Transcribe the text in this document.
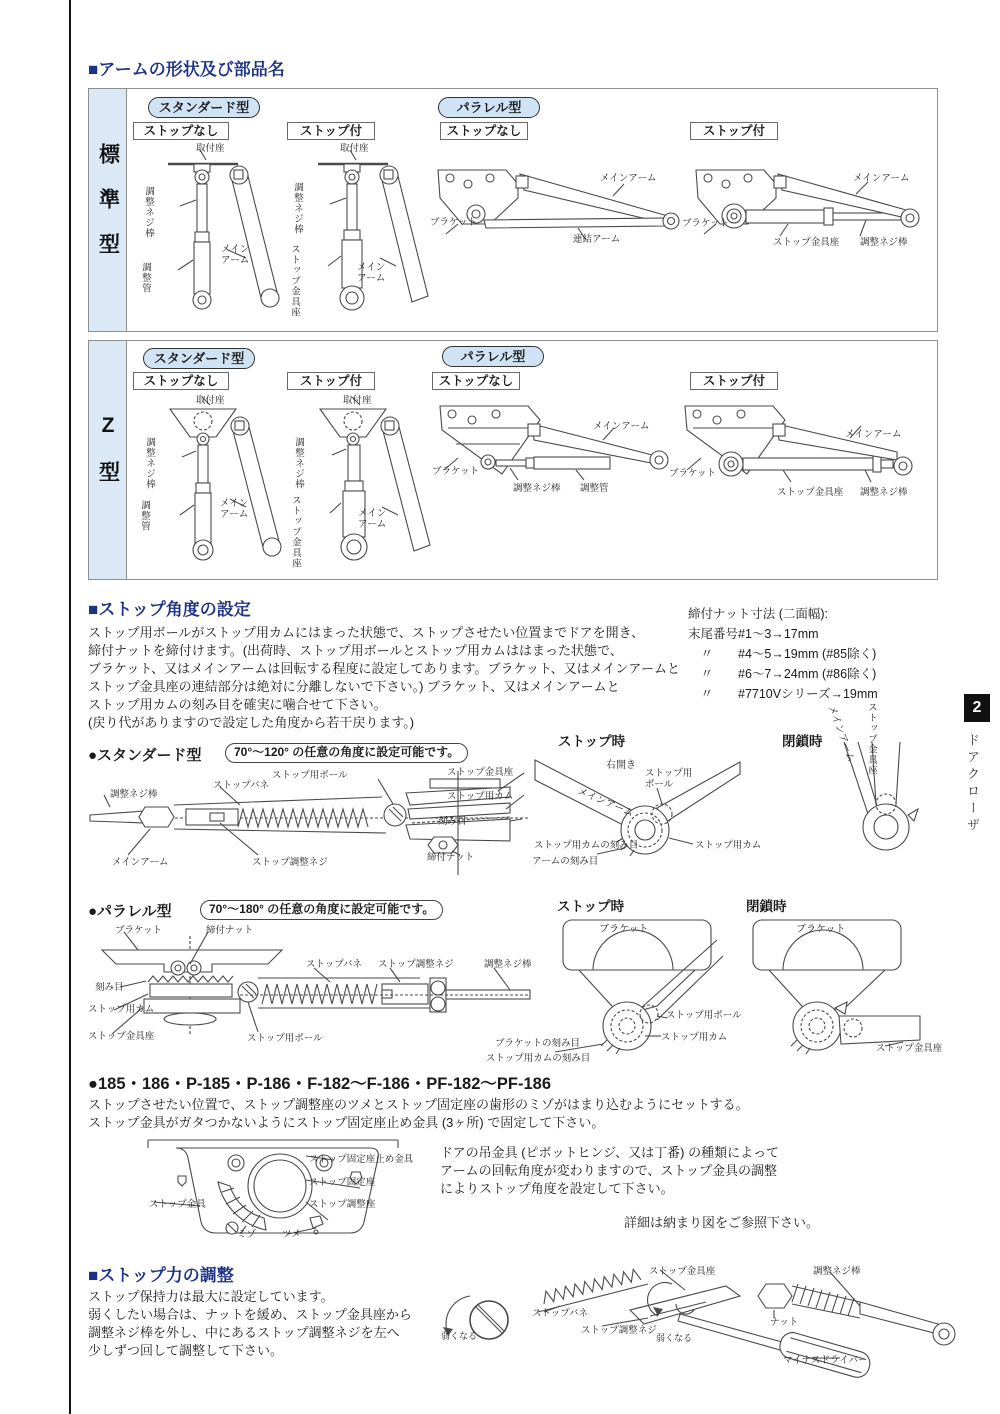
■アームの形状及び部品名
標準型
スタンダード型	パラレル型
ストップなし	ストップ付	ストップなし	ストップ付
取付座
調整ネジ棒
調整管
メインアーム
取付座
調整ネジ棒
ストップ金具座	メインアーム
メインアーム
ブラケット
連結アーム
メインアーム
ブラケット
ストップ金具座 調整ネジ棒
Z型
スタンダード型	パラレル型
ストップなし	ストップ付	ストップなし	ストップ付
取付座
調整ネジ棒
調整管	メインアーム
取付座
調整ネジ棒
ストップ金具座	メインアーム
ブラケット
メインアーム
調整ネジ棒 調整管
ブラケット
メインアーム
ストップ金具座 調整ネジ棒
■ストップ角度の設定
ストップ用ボールがストップ用カムにはまった状態で、ストップさせたい位置までドアを開き、
締付ナットを締付けます。(出荷時、ストップ用ボールとストップ用カムははまった状態で、
ブラケット、又はメインアームは回転する程度に設定してあります。ブラケット、又はメインアームと
ストップ金具座の連結部分は絶対に分離しないで下さい。) ブラケット、又はメインアームと
ストップ用カムの刻み目を確実に噛合せて下さい。
(戻り代がありますので設定した角度から若干戻ります。)
締付ナット寸法 (二面幅):
末尾番号#1〜3→17mm
　〃　　#4〜5→19mm (#85除く)
　〃　　#6〜7→24mm (#86除く)
　〃　　#7710Vシリーズ→19mm
●スタンダード型	70°〜120° の任意の角度に設定可能です。
調整ネジ棒
ストップバネ
ストップ用ボール	ストップ金具座
ストップ用カム
刻み目
締付ナット
メインアーム	ストップ調整ネジ
ストップ時
右開き
メインアーム
ストップ用ボール
ストップ用カム
ストップ用カムの刻み目
アームの刻み目
閉鎖時 メインアーム ストップ金具座
●パラレル型	70°〜180° の任意の角度に設定可能です。
ブラケット	締付ナット
ストップバネ ストップ調整ネジ	調整ネジ棒
刻み目
ストップ用カム
ストップ金具座	ストップ用ボール
ストップ時
ブラケット
ストップ用ボール
ストップ用カム
ブラケットの刻み目
ストップ用カムの刻み目
閉鎖時
ブラケット
ストップ金具座
●185・186・P-185・P-186・F-182〜F-186・PF-182〜PF-186
ストップさせたい位置で、ストップ調整座のツメとストップ固定座の歯形のミゾがはまり込むようにセットする。
ストップ金具がガタつかないようにストップ固定座止め金具 (3ヶ所) で固定して下さい。
ストップ固定座止め金具
ストップ固定座
ストップ調整座
ストップ金具
ミゾ	ツメ
ドアの吊金具 (ピボットヒンジ、又は丁番) の種類によって
アームの回転角度が変わりますので、ストップ金具の調整
によりストップ角度を設定して下さい。
詳細は納まり図をご参照下さい。
■ストップ力の調整
ストップ保持力は最大に設定しています。
弱くしたい場合は、ナットを緩め、ストップ金具座から
調整ネジ棒を外し、中にあるストップ調整ネジを左へ
少しずつ回して調整して下さい。
弱くなる
ストップ金具座	調整ネジ棒
ストップバネ
ストップ調整ネジ
弱くなる
ナット
マイナスドライバー
2
ドアクローザ
